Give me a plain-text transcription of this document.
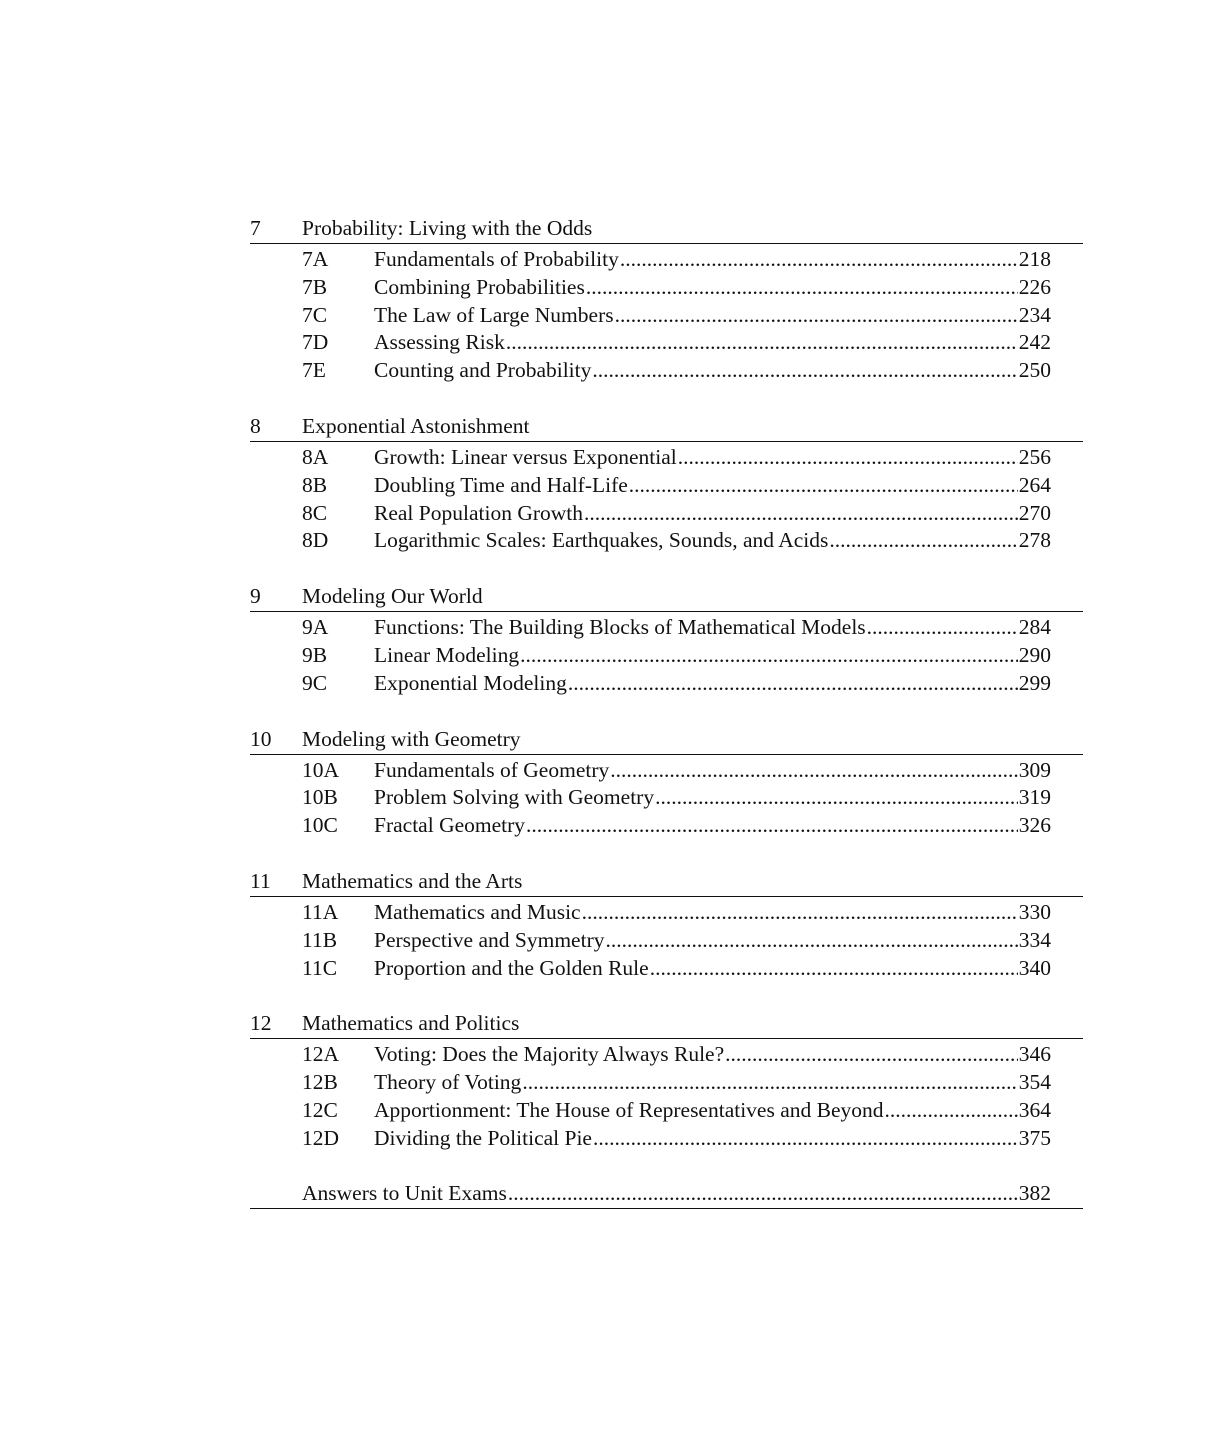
7 Probability: Living with the Odds
7A Fundamentals of Probability .....	218
7B Combining Probabilities .....	226
7C The Law of Large Numbers .....	234
7D Assessing Risk .....	242
7E Counting and Probability .....	250
8 Exponential Astonishment
8A Growth: Linear versus Exponential .....	256
8B Doubling Time and Half-Life .....	264
8C Real Population Growth .....	270
8D Logarithmic Scales: Earthquakes, Sounds, and Acids .....	278
9 Modeling Our World
9A Functions: The Building Blocks of Mathematical Models .....	284
9B Linear Modeling .....	290
9C Exponential Modeling .....	299
10 Modeling with Geometry
10A Fundamentals of Geometry .....	309
10B Problem Solving with Geometry .....	319
10C Fractal Geometry .....	326
11 Mathematics and the Arts
11A Mathematics and Music .....	330
11B Perspective and Symmetry .....	334
11C Proportion and the Golden Rule .....	340
12 Mathematics and Politics
12A Voting: Does the Majority Always Rule? .....	346
12B Theory of Voting .....	354
12C Apportionment: The House of Representatives and Beyond .....	364
12D Dividing the Political Pie .....	375
Answers to Unit Exams .....	382
